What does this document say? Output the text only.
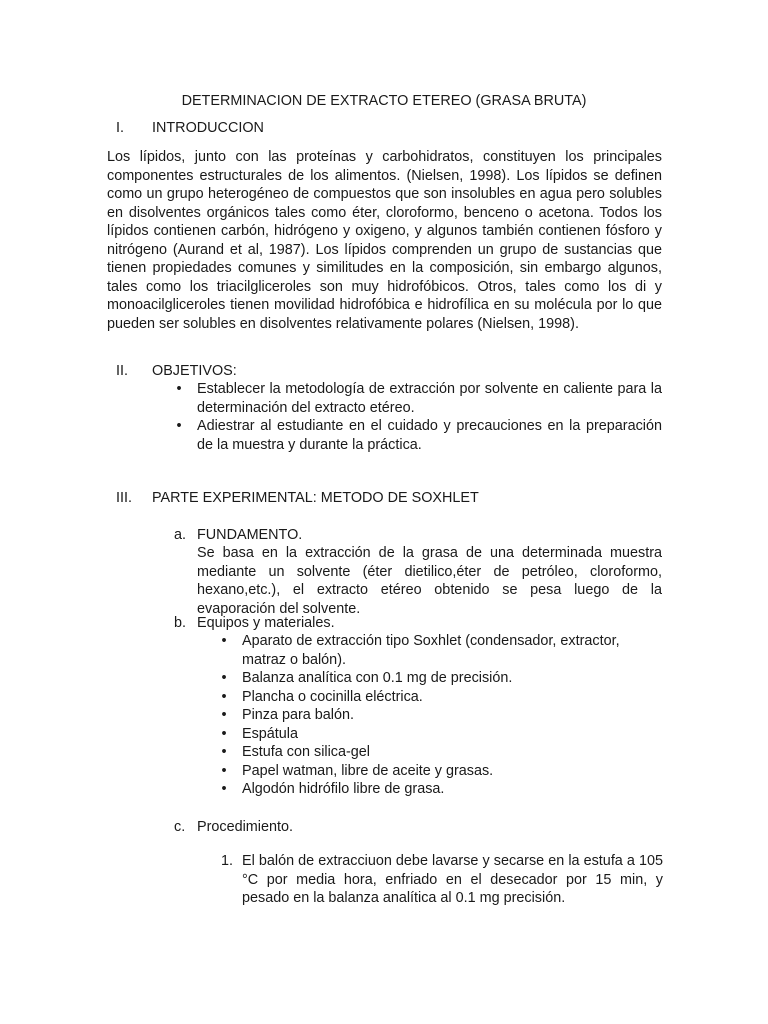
DETERMINACION DE EXTRACTO ETEREO (GRASA BRUTA)
I. INTRODUCCION
Los lípidos, junto con las proteínas y carbohidratos, constituyen los principales componentes estructurales de los alimentos. (Nielsen, 1998). Los lípidos se definen como un grupo heterogéneo de compuestos que son insolubles en agua pero solubles en disolventes orgánicos tales como éter, cloroformo, benceno o acetona. Todos los lípidos contienen carbón, hidrógeno y oxigeno, y algunos también contienen fósforo y nitrógeno (Aurand et al, 1987). Los lípidos comprenden un grupo de sustancias que tienen propiedades comunes y similitudes en la composición, sin embargo algunos, tales como los triacilgliceroles son muy hidrofóbicos. Otros, tales como los di y monoacilgliceroles tienen movilidad hidrofóbica e hidrofílica en su molécula por lo que pueden ser solubles en disolventes relativamente polares (Nielsen, 1998).
II. OBJETIVOS:
• Establecer la metodología de extracción por solvente en caliente para la determinación del extracto etéreo.
• Adiestrar al estudiante en el cuidado y precauciones en la preparación de la muestra y durante la práctica.
III. PARTE EXPERIMENTAL: METODO DE SOXHLET
a. FUNDAMENTO.
Se basa en la extracción de la grasa de una determinada muestra mediante un solvente (éter dietilico,éter de petróleo, cloroformo, hexano,etc.), el extracto etéreo obtenido se pesa luego de la evaporación del solvente.
b. Equipos y materiales.
• Aparato de extracción tipo Soxhlet (condensador, extractor, matraz o balón).
• Balanza analítica con 0.1 mg de precisión.
• Plancha o cocinilla eléctrica.
• Pinza para balón.
• Espátula
• Estufa con silica-gel
• Papel watman, libre de aceite y grasas.
• Algodón hidrófilo libre de grasa.
c. Procedimiento.
1. El balón de extracciuon debe lavarse y secarse en la estufa a 105 °C por media hora, enfriado en el desecador por 15 min, y pesado en la balanza analítica al 0.1 mg precisión.
